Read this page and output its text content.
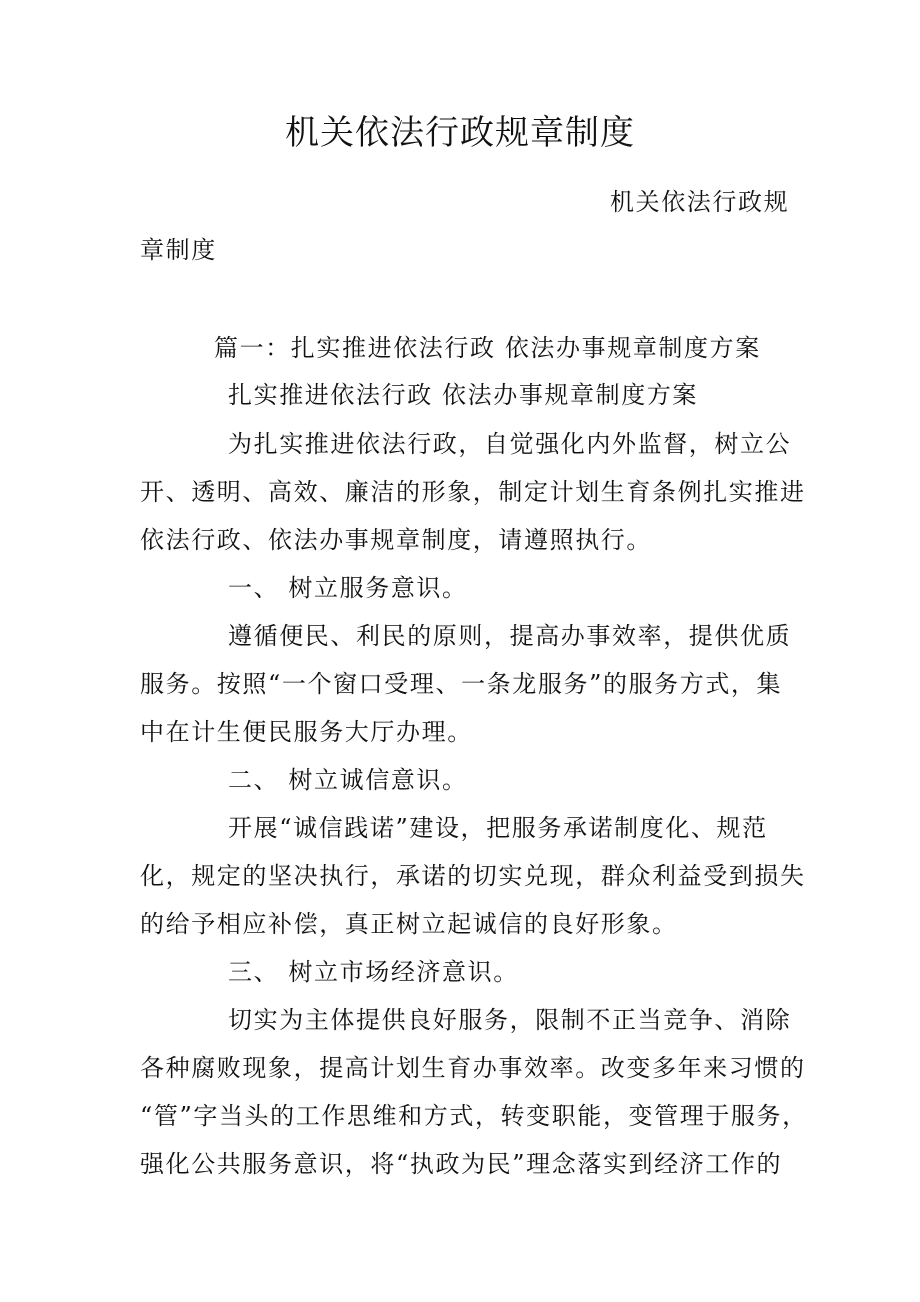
机关依法行政规章制度
机关依法行政规
章制度
篇一：扎实推进依法行政 依法办事规章制度方案
扎实推进依法行政 依法办事规章制度方案
为扎实推进依法行政，自觉强化内外监督，树立公
开、透明、高效、廉洁的形象，制定计划生育条例扎实推进
依法行政、依法办事规章制度，请遵照执行。
一、 树立服务意识。
遵循便民、利民的原则，提高办事效率，提供优质
服务。按照“一个窗口受理、一条龙服务”的服务方式，集
中在计生便民服务大厅办理。
二、 树立诚信意识。
开展“诚信践诺”建设，把服务承诺制度化、规范
化，规定的坚决执行，承诺的切实兑现，群众利益受到损失
的给予相应补偿，真正树立起诚信的良好形象。
三、 树立市场经济意识。
切实为主体提供良好服务，限制不正当竞争、消除
各种腐败现象，提高计划生育办事效率。改变多年来习惯的
“管”字当头的工作思维和方式，转变职能，变管理于服务，
强化公共服务意识，将“执政为民”理念落实到经济工作的
